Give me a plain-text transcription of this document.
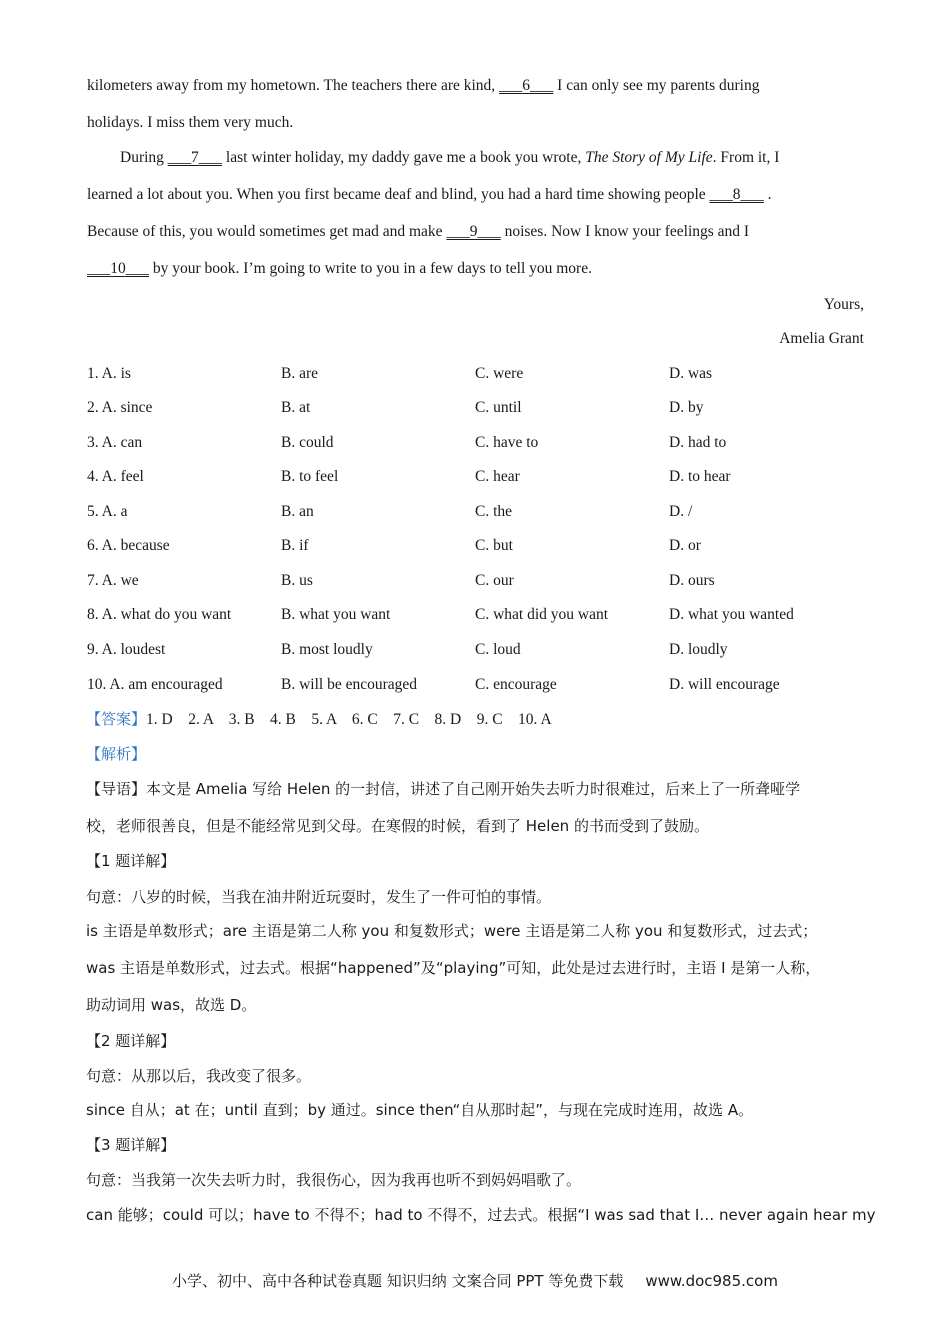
kilometers away from my hometown. The teachers there are kind, ___6___ I can only see my parents during
holidays. I miss them very much.
During ___7___ last winter holiday, my daddy gave me a book you wrote, The Story of My Life. From it, I
learned a lot about you. When you first became deaf and blind, you had a hard time showing people ___8___ .
Because of this, you would sometimes get mad and make ___9___ noises. Now I know your feelings and I
___10___ by your book. I’m going to write to you in a few days to tell you more.
Yours,
Amelia Grant
1. A. is	B. are	C. were	D. was
2. A. since	B. at	C. until	D. by
3. A. can	B. could	C. have to	D. had to
4. A. feel	B. to feel	C. hear	D. to hear
5. A. a	B. an	C. the	D. /
6. A. because	B. if	C. but	D. or
7. A. we	B. us	C. our	D. ours
8. A. what do you want	B. what you want	C. what did you want	D. what you wanted
9. A. loudest	B. most loudly	C. loud	D. loudly
10. A. am encouraged	B. will be encouraged	C. encourage	D. will encourage
【答案】1. D    2. A    3. B    4. B    5. A    6. C    7. C    8. D    9. C    10. A
【解析】
【导语】本文是 Amelia 写给 Helen 的一封信，讲述了自己刚开始失去听力时很难过，后来上了一所聋哑学
校，老师很善良，但是不能经常见到父母。在寒假的时候，看到了 Helen 的书而受到了鼓励。
【1 题详解】
句意：八岁的时候，当我在油井附近玩耍时，发生了一件可怕的事情。
is 主语是单数形式；are 主语是第二人称 you 和复数形式；were 主语是第二人称 you 和复数形式，过去式；
was 主语是单数形式，过去式。根据“happened”及“playing”可知，此处是过去进行时，主语 I 是第一人称，
助动词用 was，故选 D。
【2 题详解】
句意：从那以后，我改变了很多。
since 自从；at 在；until 直到；by 通过。since then“自从那时起”，与现在完成时连用，故选 A。
【3 题详解】
句意：当我第一次失去听力时，我很伤心，因为我再也听不到妈妈唱歌了。
can 能够；could 可以；have to 不得不；had to 不得不，过去式。根据“I was sad that I… never again hear my
小学、初中、高中各种试卷真题 知识归纳 文案合同 PPT 等免费下载 www.doc985.com
